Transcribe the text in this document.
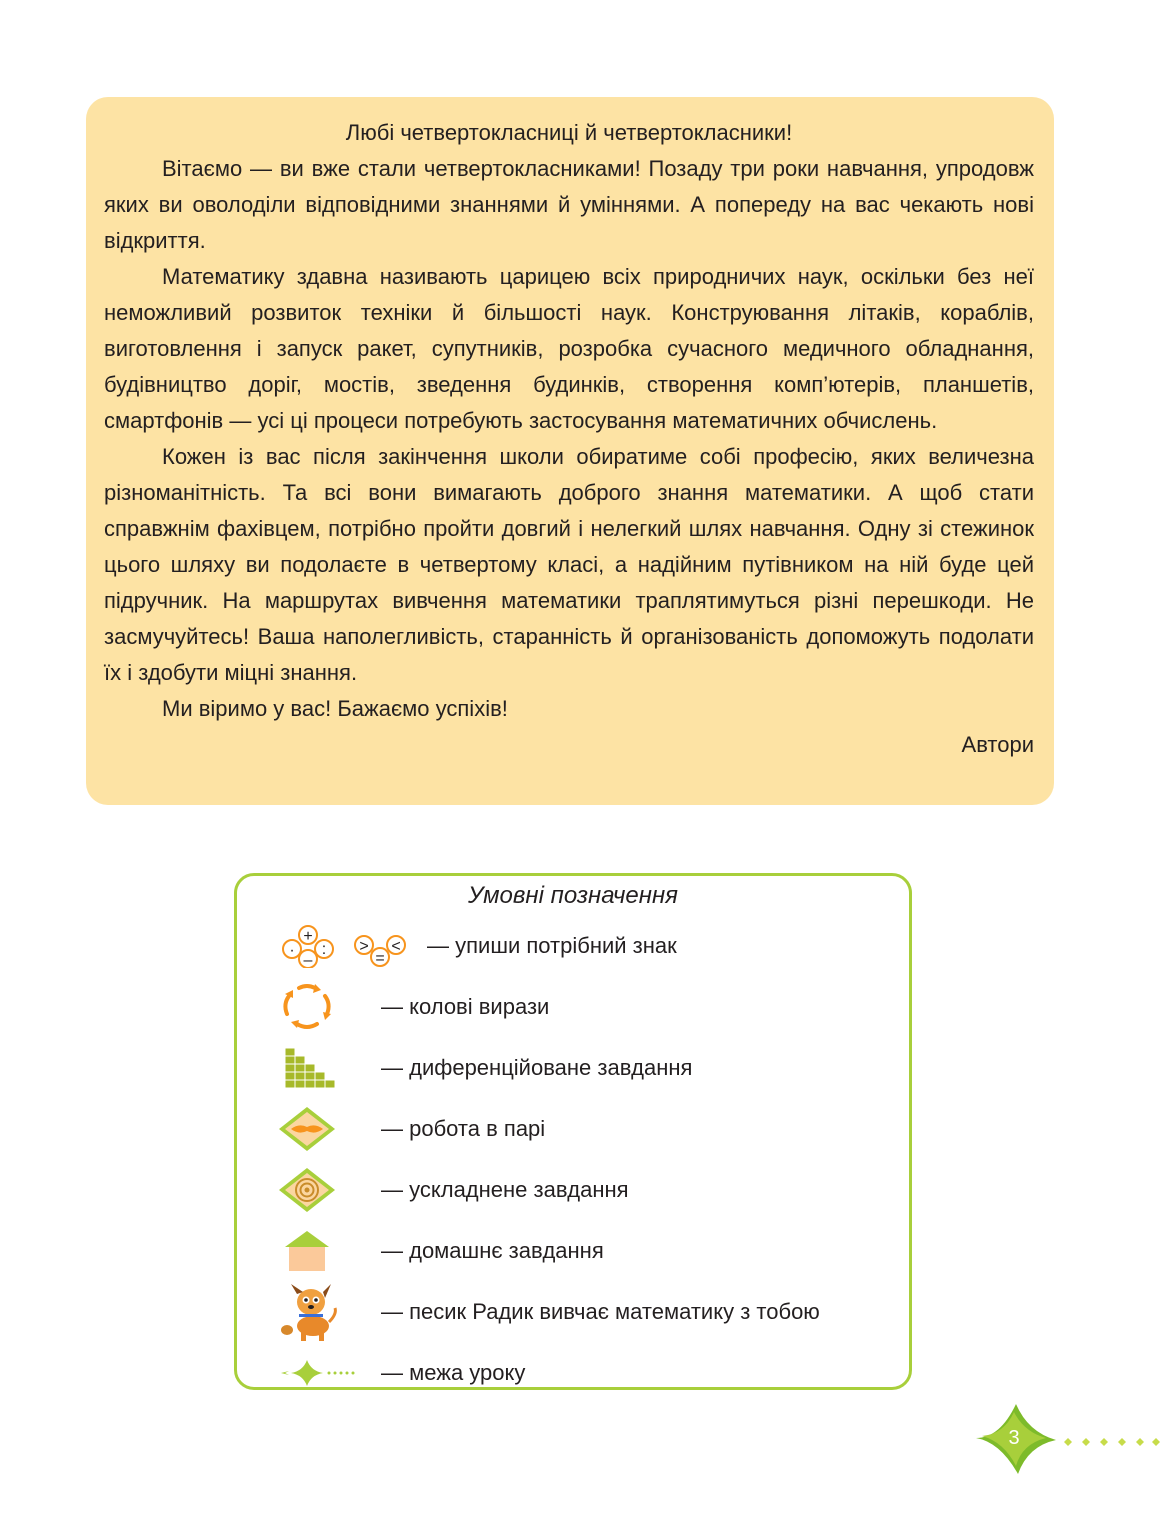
Любі четвертокласниці й четвертокласники!

Вітаємо — ви вже стали четвертокласниками! Позаду три роки навчання, упродовж яких ви оволоділи відповідними знаннями й уміннями. А попереду на вас чекають нові відкриття.

Математику здавна називають царицею всіх природничих наук, оскільки без неї неможливий розвиток техніки й більшості наук. Конструювання літаків, кораблів, виготовлення і запуск ракет, супутників, розробка сучасного медичного обладнання, будівництво доріг, мостів, зведення будинків, створення комп’ютерів, планшетів, смартфонів — усі ці процеси потребують застосування математичних обчислень.

Кожен із вас після закінчення школи обиратиме собі професію, яких величезна різноманітність. Та всі вони вимагають доброго знання математики. А щоб стати справжнім фахівцем, потрібно пройти довгий і нелегкий шлях навчання. Одну зі стежинок цього шляху ви подолаєте в четвертому класі, а надійним путівником на ній буде цей підручник. На маршрутах вивчення математики траплятимуться різні перешкоди. Не засмучуйтесь! Ваша наполегливість, старанність й організованість допоможуть подолати їх і здобути міцні знання.

Ми віримо у вас! Бажаємо успіхів!

Автори
Умовні позначення
+
· :
–
> <
=
— упиши потрібний знак
— колові вирази
— диференційоване завдання
— робота в парі
— ускладнене завдання
— домашнє завдання
— песик Радик вивчає математику з тобою
— межа уроку
3
